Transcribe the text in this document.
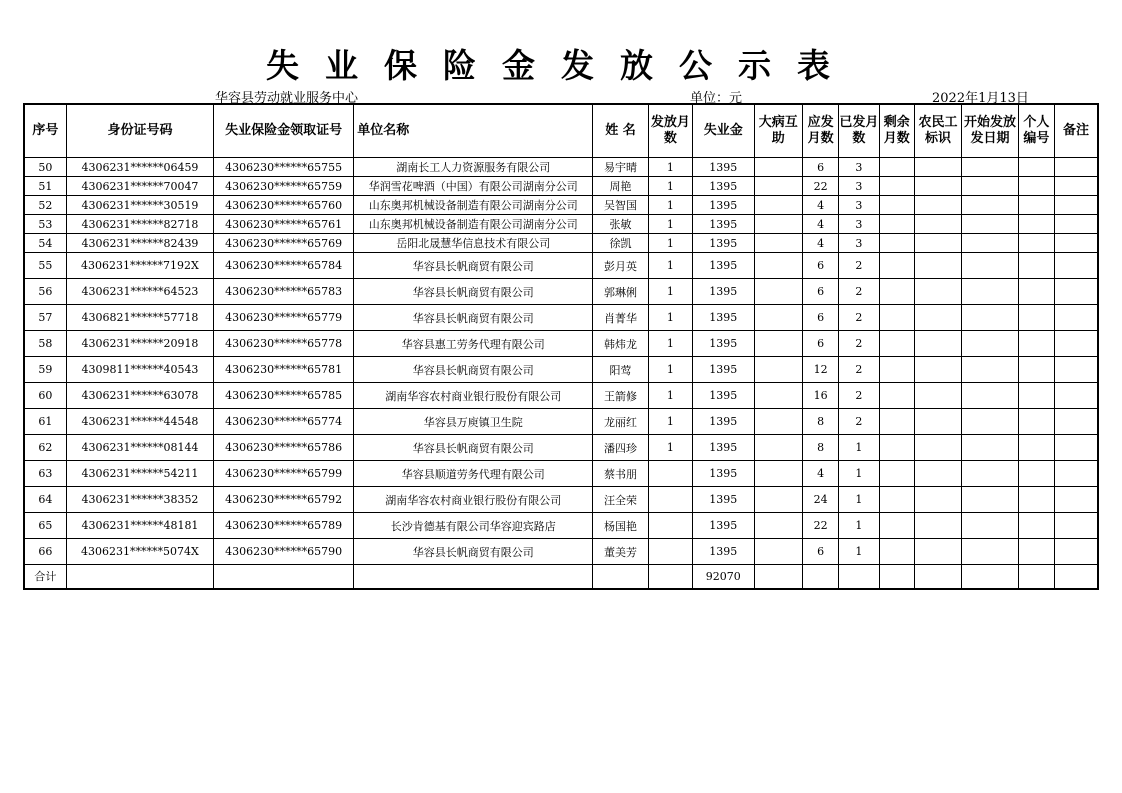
失业保险金发放公示表
华容县劳动就业服务中心	单位：元	2022年1月13日
序号	身份证号码	失业保险金领取证号	单位名称	姓 名	发放月数	失业金	大病互助	应发月数	已发月数	剩余月数	农民工标识	开始发放发日期	个人编号	备注
50	4306231******06459	4306230******65755	湖南长工人力资源服务有限公司	易宇晴	1	1395		6	3					
51	4306231******70047	4306230******65759	华润雪花啤酒（中国）有限公司湖南分公司	周艳	1	1395		22	3					
52	4306231******30519	4306230******65760	山东奥邦机械设备制造有限公司湖南分公司	吴智国	1	1395		4	3					
53	4306231******82718	4306230******65761	山东奥邦机械设备制造有限公司湖南分公司	张敏	1	1395		4	3					
54	4306231******82439	4306230******65769	岳阳北晟慧华信息技术有限公司	徐凯	1	1395		4	3					
55	4306231******7192X	4306230******65784	华容县长帆商贸有限公司	彭月英	1	1395		6	2					
56	4306231******64523	4306230******65783	华容县长帆商贸有限公司	郭琳俐	1	1395		6	2					
57	4306821******57718	4306230******65779	华容县长帆商贸有限公司	肖菁华	1	1395		6	2					
58	4306231******20918	4306230******65778	华容县惠工劳务代理有限公司	韩炜龙	1	1395		6	2					
59	4309811******40543	4306230******65781	华容县长帆商贸有限公司	阳莺	1	1395		12	2					
60	4306231******63078	4306230******65785	湖南华容农村商业银行股份有限公司	王箭修	1	1395		16	2					
61	4306231******44548	4306230******65774	华容县万庾镇卫生院	龙丽红	1	1395		8	2					
62	4306231******08144	4306230******65786	华容县长帆商贸有限公司	潘四珍	1	1395		8	1					
63	4306231******54211	4306230******65799	华容县顺道劳务代理有限公司	蔡书朋		1395		4	1					
64	4306231******38352	4306230******65792	湖南华容农村商业银行股份有限公司	汪全荣		1395		24	1					
65	4306231******48181	4306230******65789	长沙肯德基有限公司华容迎宾路店	杨国艳		1395		22	1					
66	4306231******5074X	4306230******65790	华容县长帆商贸有限公司	董美芳		1395		6	1					
合计						92070								
